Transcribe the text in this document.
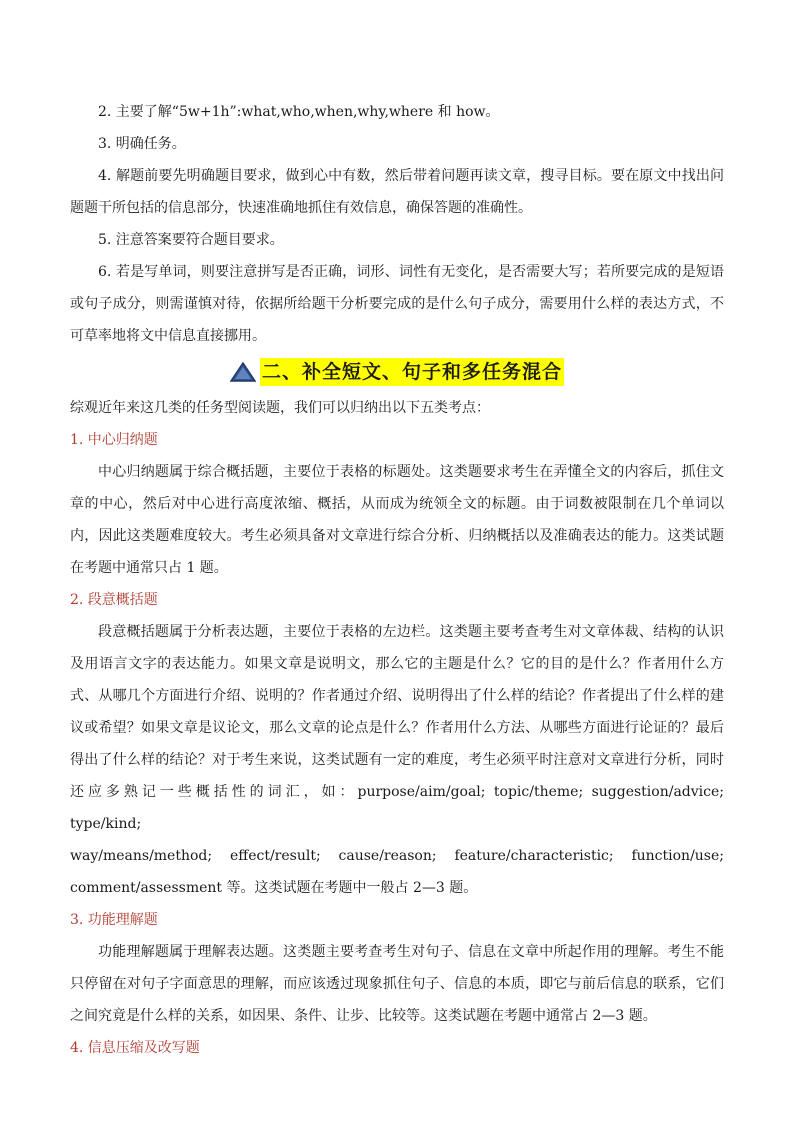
2. 主要了解“5w+1h”:what,who,when,why,where 和 how。

3. 明确任务。

4. 解题前要先明确题目要求，做到心中有数，然后带着问题再读文章，搜寻目标。要在原文中找出问题题干所包括的信息部分，快速准确地抓住有效信息，确保答题的准确性。

5. 注意答案要符合题目要求。

6. 若是写单词，则要注意拼写是否正确，词形、词性有无变化，是否需要大写；若所要完成的是短语或句子成分，则需谨慎对待，依据所给题干分析要完成的是什么句子成分，需要用什么样的表达方式，不可草率地将文中信息直接挪用。

二、补全短文、句子和多任务混合

综观近年来这几类的任务型阅读题，我们可以归纳出以下五类考点：

1. 中心归纳题

中心归纳题属于综合概括题，主要位于表格的标题处。这类题要求考生在弄懂全文的内容后，抓住文章的中心，然后对中心进行高度浓缩、概括，从而成为统领全文的标题。由于词数被限制在几个单词以内，因此这类题难度较大。考生必须具备对文章进行综合分析、归纳概括以及准确表达的能力。这类试题在考题中通常只占 1 题。

2. 段意概括题

段意概括题属于分析表达题，主要位于表格的左边栏。这类题主要考查考生对文章体裁、结构的认识及用语言文字的表达能力。如果文章是说明文，那么它的主题是什么？它的目的是什么？作者用什么方式、从哪几个方面进行介绍、说明的？作者通过介绍、说明得出了什么样的结论？作者提出了什么样的建议或希望？如果文章是议论文，那么文章的论点是什么？作者用什么方法、从哪些方面进行论证的？最后得出了什么样的结论？对于考生来说，这类试题有一定的难度，考生必须平时注意对文章进行分析，同时还应多熟记一些概括性的词汇，如：purpose/aim/goal; topic/theme; suggestion/advice; type/kind;

way/means/method; effect/result; cause/reason; feature/characteristic; function/use; comment/assessment 等。这类试题在考题中一般占 2—3 题。

3. 功能理解题

功能理解题属于理解表达题。这类题主要考查考生对句子、信息在文章中所起作用的理解。考生不能只停留在对句子字面意思的理解，而应该透过现象抓住句子、信息的本质，即它与前后信息的联系，它们之间究竟是什么样的关系，如因果、条件、让步、比较等。这类试题在考题中通常占 2—3 题。

4. 信息压缩及改写题
